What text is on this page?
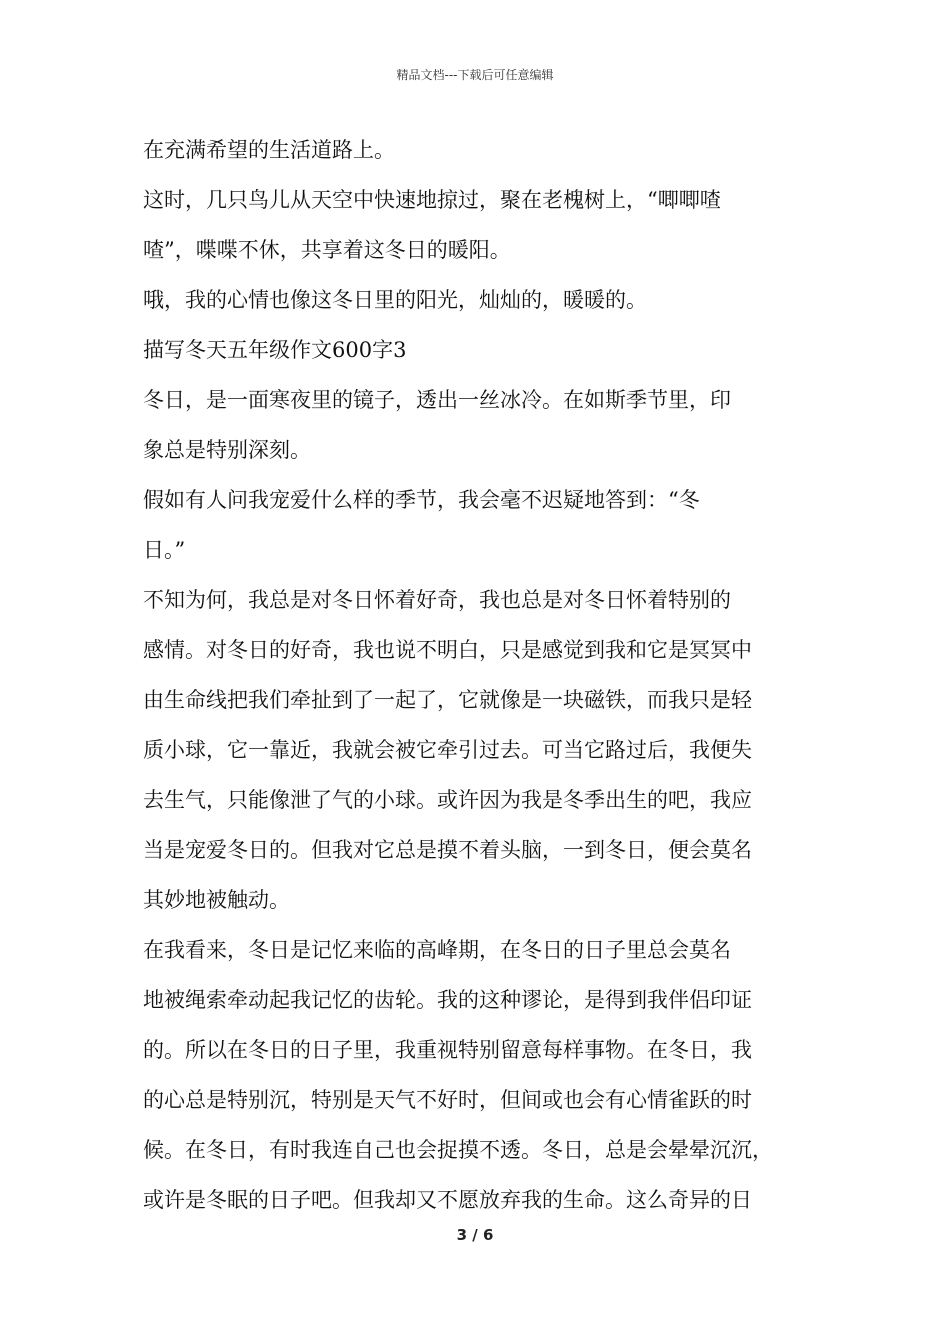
精品文档---下载后可任意编辑

在充满希望的生活道路上。

这时，几只鸟儿从天空中快速地掠过，聚在老槐树上，“唧唧喳
喳”，喋喋不休，共享着这冬日的暖阳。

哦，我的心情也像这冬日里的阳光，灿灿的，暖暖的。

描写冬天五年级作文600字3

冬日，是一面寒夜里的镜子，透出一丝冰冷。在如斯季节里，印
象总是特别深刻。

假如有人问我宠爱什么样的季节，我会毫不迟疑地答到：“冬
日。”

不知为何，我总是对冬日怀着好奇，我也总是对冬日怀着特别的
感情。对冬日的好奇，我也说不明白，只是感觉到我和它是冥冥中
由生命线把我们牵扯到了一起了，它就像是一块磁铁，而我只是轻
质小球，它一靠近，我就会被它牵引过去。可当它路过后，我便失
去生气，只能像泄了气的小球。或许因为我是冬季出生的吧，我应
当是宠爱冬日的。但我对它总是摸不着头脑，一到冬日，便会莫名
其妙地被触动。

在我看来，冬日是记忆来临的高峰期，在冬日的日子里总会莫名
地被绳索牵动起我记忆的齿轮。我的这种谬论，是得到我伴侣印证
的。所以在冬日的日子里，我重视特别留意每样事物。在冬日，我
的心总是特别沉，特别是天气不好时，但间或也会有心情雀跃的时
候。在冬日，有时我连自己也会捉摸不透。冬日，总是会晕晕沉沉，
或许是冬眠的日子吧。但我却又不愿放弃我的生命。这么奇异的日

3 / 6
